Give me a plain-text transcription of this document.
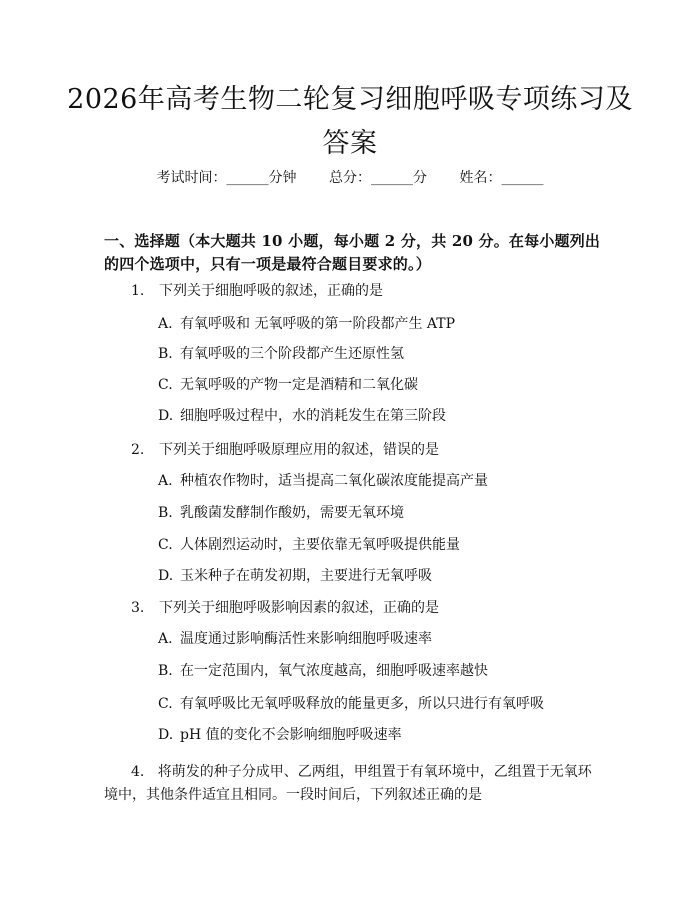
2026年高考生物二轮复习细胞呼吸专项练习及答案
考试时间：______分钟 总分：______分 姓名：______
一、选择题（本大题共 10 小题，每小题 2 分，共 20 分。在每小题列出的四个选项中，只有一项是最符合题目要求的。）
1. 下列关于细胞呼吸的叙述，正确的是
A. 有氧呼吸和 无氧呼吸的第一阶段都产生 ATP
B. 有氧呼吸的三个阶段都产生还原性氢
C. 无氧呼吸的产物一定是酒精和二氧化碳
D. 细胞呼吸过程中，水的消耗发生在第三阶段
2. 下列关于细胞呼吸原理应用的叙述，错误的是
A. 种植农作物时，适当提高二氧化碳浓度能提高产量
B. 乳酸菌发酵制作酸奶，需要无氧环境
C. 人体剧烈运动时，主要依靠无氧呼吸提供能量
D. 玉米种子在萌发初期，主要进行无氧呼吸
3. 下列关于细胞呼吸影响因素的叙述，正确的是
A. 温度通过影响酶活性来影响细胞呼吸速率
B. 在一定范围内，氧气浓度越高，细胞呼吸速率越快
C. 有氧呼吸比无氧呼吸释放的能量更多，所以只进行有氧呼吸
D. pH 值的变化不会影响细胞呼吸速率
4. 将萌发的种子分成甲、乙两组，甲组置于有氧环境中，乙组置于无氧环境中，其他条件适宜且相同。一段时间后，下列叙述正确的是
